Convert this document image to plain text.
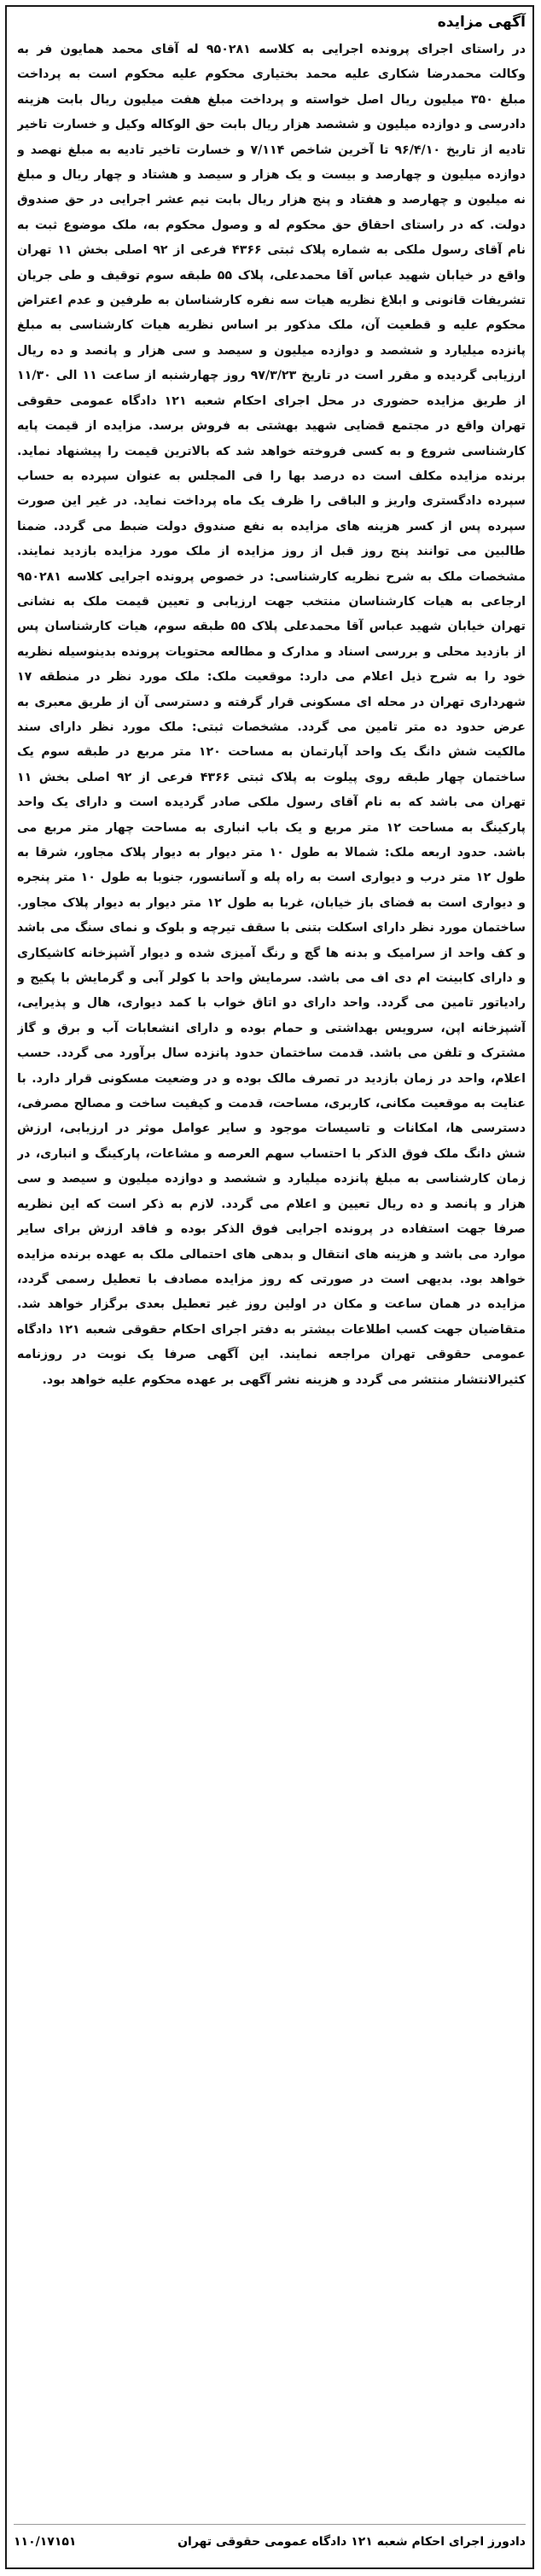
آگهی مزایده

در راستای اجرای پرونده اجرایی به کلاسه ۹۵۰۲۸۱ له آقای محمد همایون فر به وکالت محمدرضا شکاری علیه محمد بختیاری محکوم علیه محکوم است به پرداخت مبلغ ۳۵۰ میلیون ریال اصل خواسته و پرداخت مبلغ هفت میلیون ریال بابت هزینه دادرسی و دوازده میلیون و ششصد هزار ریال بابت حق الوکاله وکیل و خسارت تاخیر تادیه از تاریخ ۹۶/۴/۱۰ تا آخرین شاخص ۷/۱۱۴ و خسارت تاخیر تادیه به مبلغ نهصد و دوازده میلیون و چهارصد و بیست و یک هزار و سیصد و هشتاد و چهار ریال و مبلغ نه میلیون و چهارصد و هفتاد و پنج هزار ریال بابت نیم عشر اجرایی در حق صندوق دولت. که در راستای احقاق حق محکوم له و وصول محکوم به، ملک موضوع ثبت به نام آقای رسول ملکی به شماره پلاک ثبتی ۴۳۶۶ فرعی از ۹۲ اصلی بخش ۱۱ تهران واقع در خیابان شهید عباس آقا محمدعلی، پلاک ۵۵ طبقه سوم توقیف و طی جریان تشریفات قانونی و ابلاغ نظریه هیات سه نفره کارشناسان به طرفین و عدم اعتراض محکوم علیه و قطعیت آن، ملک مذکور بر اساس نظریه هیات کارشناسی به مبلغ پانزده میلیارد و ششصد و دوازده میلیون و سیصد و سی هزار و پانصد و ده ریال ارزیابی گردیده و مقرر است در تاریخ ۹۷/۳/۲۳ روز چهارشنبه از ساعت ۱۱ الی ۱۱/۳۰ از طریق مزایده حضوری در محل اجرای احکام شعبه ۱۲۱ دادگاه عمومی حقوقی تهران واقع در مجتمع قضایی شهید بهشتی به فروش برسد. مزایده از قیمت پایه کارشناسی شروع و به کسی فروخته خواهد شد که بالاترین قیمت را پیشنهاد نماید. برنده مزایده مکلف است ده درصد بها را فی المجلس به عنوان سپرده به حساب سپرده دادگستری واریز و الباقی را ظرف یک ماه پرداخت نماید. در غیر این صورت سپرده پس از کسر هزینه های مزایده به نفع صندوق دولت ضبط می گردد. ضمنا طالبین می توانند پنج روز قبل از روز مزایده از ملک مورد مزایده بازدید نمایند. مشخصات ملک به شرح نظریه کارشناسی: در خصوص پرونده اجرایی کلاسه ۹۵۰۲۸۱ ارجاعی به هیات کارشناسان منتخب جهت ارزیابی و تعیین قیمت ملک به نشانی تهران خیابان شهید عباس آقا محمدعلی پلاک ۵۵ طبقه سوم، هیات کارشناسان پس از بازدید محلی و بررسی اسناد و مدارک و مطالعه محتویات پرونده بدینوسیله نظریه خود را به شرح ذیل اعلام می دارد: موقعیت ملک: ملک مورد نظر در منطقه ۱۷ شهرداری تهران در محله ای مسکونی قرار گرفته و دسترسی آن از طریق معبری به عرض حدود ده متر تامین می گردد. مشخصات ثبتی: ملک مورد نظر دارای سند مالکیت شش دانگ یک واحد آپارتمان به مساحت ۱۲۰ متر مربع در طبقه سوم یک ساختمان چهار طبقه روی پیلوت به پلاک ثبتی ۴۳۶۶ فرعی از ۹۲ اصلی بخش ۱۱ تهران می باشد که به نام آقای رسول ملکی صادر گردیده است و دارای یک واحد پارکینگ به مساحت ۱۲ متر مربع و یک باب انباری به مساحت چهار متر مربع می باشد. حدود اربعه ملک: شمالا به طول ۱۰ متر دیوار به دیوار پلاک مجاور، شرقا به طول ۱۲ متر درب و دیواری است به راه پله و آسانسور، جنوبا به طول ۱۰ متر پنجره و دیواری است به فضای باز خیابان، غربا به طول ۱۲ متر دیوار به دیوار پلاک مجاور. ساختمان مورد نظر دارای اسکلت بتنی با سقف تیرچه و بلوک و نمای سنگ می باشد و کف واحد از سرامیک و بدنه ها گچ و رنگ آمیزی شده و دیوار آشپزخانه کاشیکاری و دارای کابینت ام دی اف می باشد. سرمایش واحد با کولر آبی و گرمایش با پکیج و رادیاتور تامین می گردد. واحد دارای دو اتاق خواب با کمد دیواری، هال و پذیرایی، آشپزخانه اپن، سرویس بهداشتی و حمام بوده و دارای انشعابات آب و برق و گاز مشترک و تلفن می باشد. قدمت ساختمان حدود پانزده سال برآورد می گردد. حسب اعلام، واحد در زمان بازدید در تصرف مالک بوده و در وضعیت مسکونی قرار دارد. با عنایت به موقعیت مکانی، کاربری، مساحت، قدمت و کیفیت ساخت و مصالح مصرفی، دسترسی ها، امکانات و تاسیسات موجود و سایر عوامل موثر در ارزیابی، ارزش شش دانگ ملک فوق الذکر با احتساب سهم العرصه و مشاعات، پارکینگ و انباری، در زمان کارشناسی به مبلغ پانزده میلیارد و ششصد و دوازده میلیون و سیصد و سی هزار و پانصد و ده ریال تعیین و اعلام می گردد. لازم به ذکر است که این نظریه صرفا جهت استفاده در پرونده اجرایی فوق الذکر بوده و فاقد ارزش برای سایر موارد می باشد و هزینه های انتقال و بدهی های احتمالی ملک به عهده برنده مزایده خواهد بود. بدیهی است در صورتی که روز مزایده مصادف با تعطیل رسمی گردد، مزایده در همان ساعت و مکان در اولین روز غیر تعطیل بعدی برگزار خواهد شد. متقاضیان جهت کسب اطلاعات بیشتر به دفتر اجرای احکام حقوقی شعبه ۱۲۱ دادگاه عمومی حقوقی تهران مراجعه نمایند. این آگهی صرفا یک نوبت در روزنامه کثیرالانتشار منتشر می گردد و هزینه نشر آگهی بر عهده محکوم علیه خواهد بود.

دادورز اجرای احکام شعبه ۱۲۱ دادگاه عمومی حقوقی تهران
۱۱۰/۱۷۱۵۱
